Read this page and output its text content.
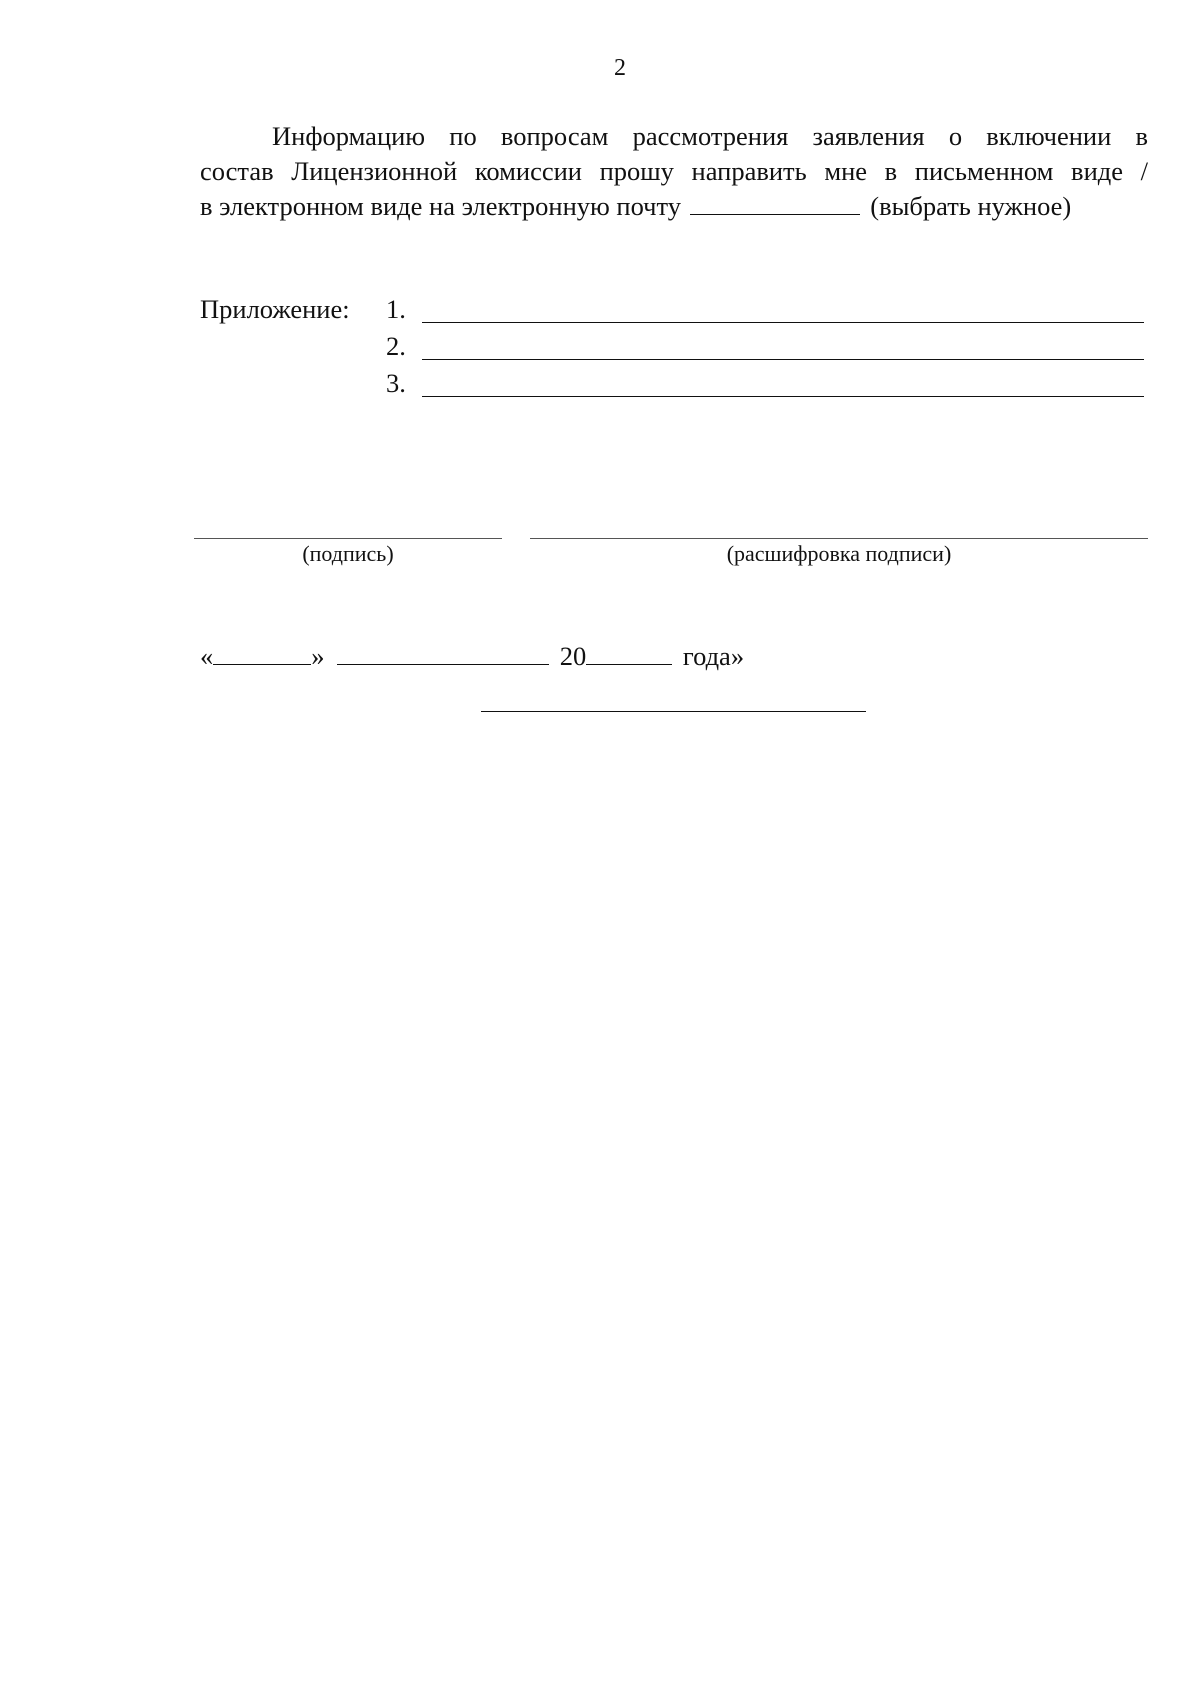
2
Информацию по вопросам рассмотрения заявления о включении в
состав Лицензионной комиссии прошу направить мне в письменном виде /
в электронном виде на электронную почту	(выбрать нужное)
Приложение: 1.
2.
3.
(подпись)	(расшифровка подписи)
«	»	20	года»
